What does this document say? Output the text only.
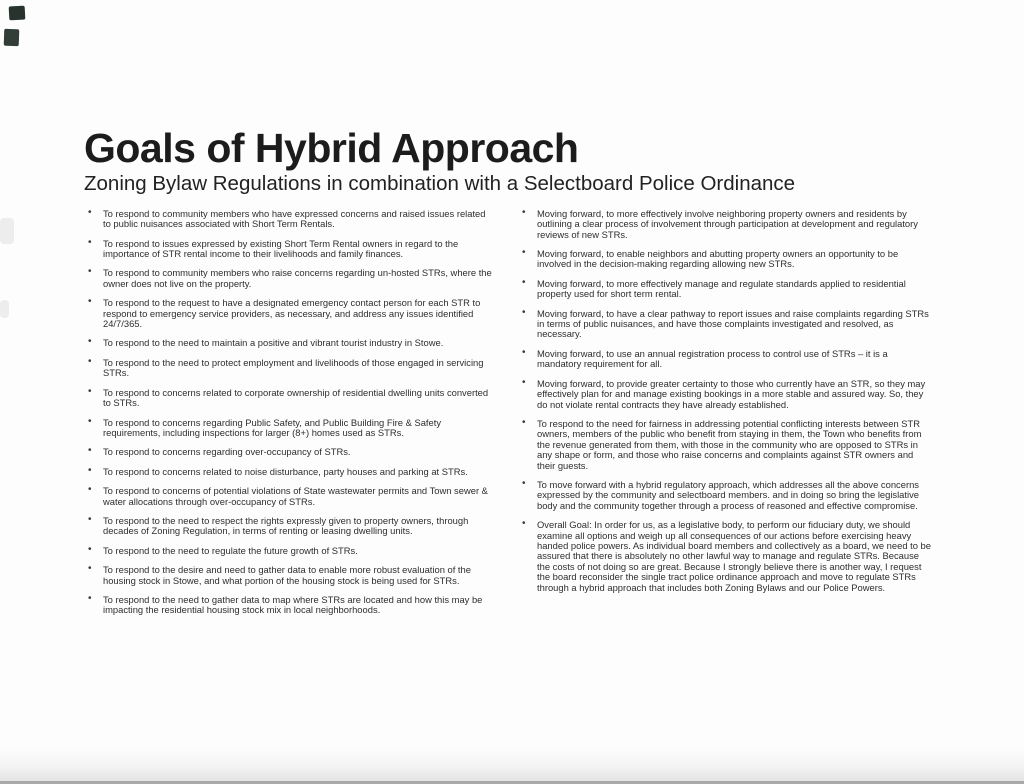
Goals of Hybrid Approach
Zoning Bylaw Regulations in combination with a Selectboard Police Ordinance
• To respond to community members who have expressed concerns and raised issues related to public nuisances associated with Short Term Rentals.
• To respond to issues expressed by existing Short Term Rental owners in regard to the importance of STR rental income to their livelihoods and family finances.
• To respond to community members who raise concerns regarding un-hosted STRs, where the owner does not live on the property.
• To respond to the request to have a designated emergency contact person for each STR to respond to emergency service providers, as necessary, and address any issues identified 24/7/365.
• To respond to the need to maintain a positive and vibrant tourist industry in Stowe.
• To respond to the need to protect employment and livelihoods of those engaged in servicing STRs.
• To respond to concerns related to corporate ownership of residential dwelling units converted to STRs.
• To respond to concerns regarding Public Safety, and Public Building Fire & Safety requirements, including inspections for larger (8+) homes used as STRs.
• To respond to concerns regarding over-occupancy of STRs.
• To respond to concerns related to noise disturbance, party houses and parking at STRs.
• To respond to concerns of potential violations of State wastewater permits and Town sewer & water allocations through over-occupancy of STRs.
• To respond to the need to respect the rights expressly given to property owners, through decades of Zoning Regulation, in terms of renting or leasing dwelling units.
• To respond to the need to regulate the future growth of STRs.
• To respond to the desire and need to gather data to enable more robust evaluation of the housing stock in Stowe, and what portion of the housing stock is being used for STRs.
• To respond to the need to gather data to map where STRs are located and how this may be impacting the residential housing stock mix in local neighborhoods.
• Moving forward, to more effectively involve neighboring property owners and residents by outlining a clear process of involvement through participation at development and regulatory reviews of new STRs.
• Moving forward, to enable neighbors and abutting property owners an opportunity to be involved in the decision-making regarding allowing new STRs.
• Moving forward, to more effectively manage and regulate standards applied to residential property used for short term rental.
• Moving forward, to have a clear pathway to report issues and raise complaints regarding STRs in terms of public nuisances, and have those complaints investigated and resolved, as necessary.
• Moving forward, to use an annual registration process to control use of STRs – it is a mandatory requirement for all.
• Moving forward, to provide greater certainty to those who currently have an STR, so they may effectively plan for and manage existing bookings in a more stable and assured way. So, they do not violate rental contracts they have already established.
• To respond to the need for fairness in addressing potential conflicting interests between STR owners, members of the public who benefit from staying in them, the Town who benefits from the revenue generated from them, with those in the community who are opposed to STRs in any shape or form, and those who raise concerns and complaints against STR owners and their guests.
• To move forward with a hybrid regulatory approach, which addresses all the above concerns expressed by the community and selectboard members. and in doing so bring the legislative body and the community together through a process of reasoned and effective compromise.
• Overall Goal: In order for us, as a legislative body, to perform our fiduciary duty, we should examine all options and weigh up all consequences of our actions before exercising heavy handed police powers. As individual board members and collectively as a board, we need to be assured that there is absolutely no other lawful way to manage and regulate STRs. Because the costs of not doing so are great. Because I strongly believe there is another way, I request the board reconsider the single tract police ordinance approach and move to regulate STRs through a hybrid approach that includes both Zoning Bylaws and our Police Powers.
